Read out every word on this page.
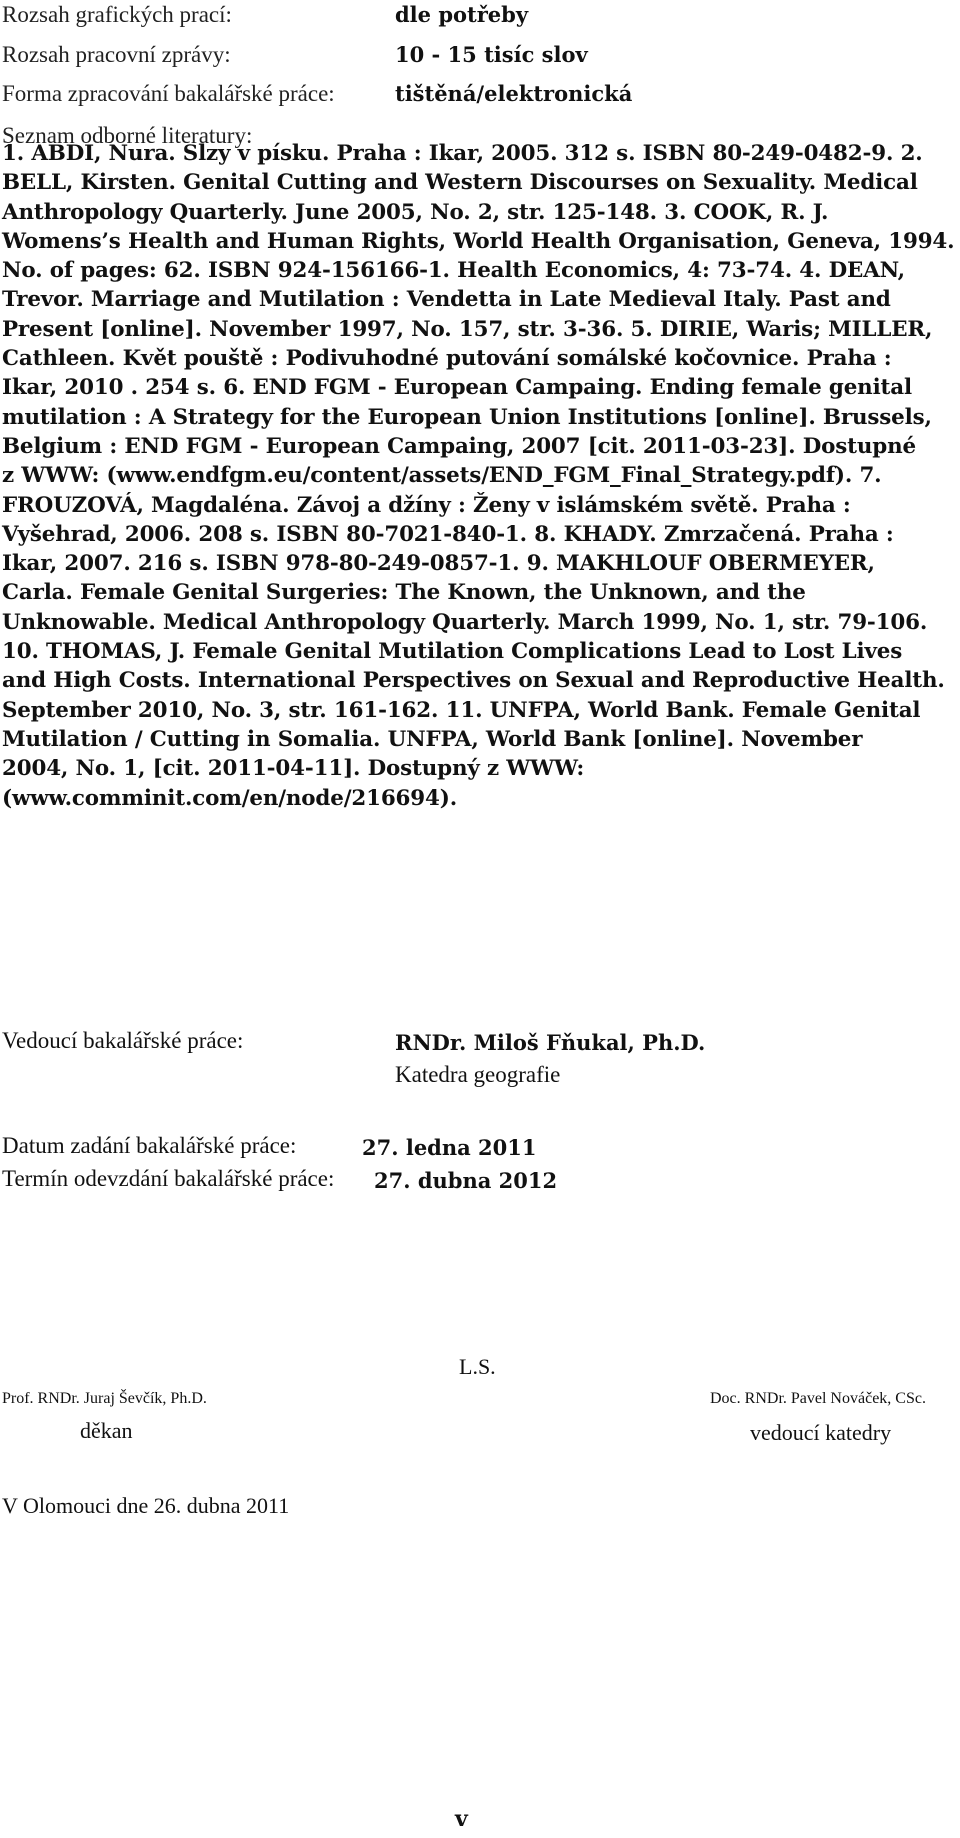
Rozsah grafických prací:	dle potřeby
Rozsah pracovní zprávy:	10 - 15 tisíc slov
Forma zpracování bakalářské práce:	tištěná/elektronická
Seznam odborné literatury:
1. ABDI, Nura. Slzy v písku. Praha : Ikar, 2005. 312 s. ISBN 80-249-0482-9. 2.
BELL, Kirsten. Genital Cutting and Western Discourses on Sexuality. Medical
Anthropology Quarterly. June 2005, No. 2, str. 125-148. 3. COOK, R. J.
Womens’s Health and Human Rights, World Health Organisation, Geneva, 1994.
No. of pages: 62. ISBN 924-156166-1. Health Economics, 4: 73-74. 4. DEAN,
Trevor. Marriage and Mutilation : Vendetta in Late Medieval Italy. Past and
Present [online]. November 1997, No. 157, str. 3-36. 5. DIRIE, Waris; MILLER,
Cathleen. Květ pouště : Podivuhodné putování somálské kočovnice. Praha :
Ikar, 2010 . 254 s. 6. END FGM - European Campaing. Ending female genital
mutilation : A Strategy for the European Union Institutions [online]. Brussels,
Belgium : END FGM - European Campaing, 2007 [cit. 2011-03-23]. Dostupné
z WWW: (www.endfgm.eu/content/assets/END_FGM_Final_Strategy.pdf). 7.
FROUZOVÁ, Magdaléna. Závoj a džíny : Ženy v islámském světě. Praha :
Vyšehrad, 2006. 208 s. ISBN 80-7021-840-1. 8. KHADY. Zmrzačená. Praha :
Ikar, 2007. 216 s. ISBN 978-80-249-0857-1. 9. MAKHLOUF OBERMEYER,
Carla. Female Genital Surgeries: The Known, the Unknown, and the
Unknowable. Medical Anthropology Quarterly. March 1999, No. 1, str. 79-106.
10. THOMAS, J. Female Genital Mutilation Complications Lead to Lost Lives
and High Costs. International Perspectives on Sexual and Reproductive Health.
September 2010, No. 3, str. 161-162. 11. UNFPA, World Bank. Female Genital
Mutilation / Cutting in Somalia. UNFPA, World Bank [online]. November
2004, No. 1, [cit. 2011-04-11]. Dostupný z WWW:
(www.comminit.com/en/node/216694).
Vedoucí bakalářské práce:	RNDr. Miloš Fňukal, Ph.D.
Katedra geografie
Datum zadání bakalářské práce:	27. ledna 2011
Termín odevzdání bakalářské práce: 27. dubna 2012
L.S.
Prof. RNDr. Juraj Ševčík, Ph.D.
děkan
Doc. RNDr. Pavel Nováček, CSc.
vedoucí katedry
V Olomouci dne 26. dubna 2011
v
